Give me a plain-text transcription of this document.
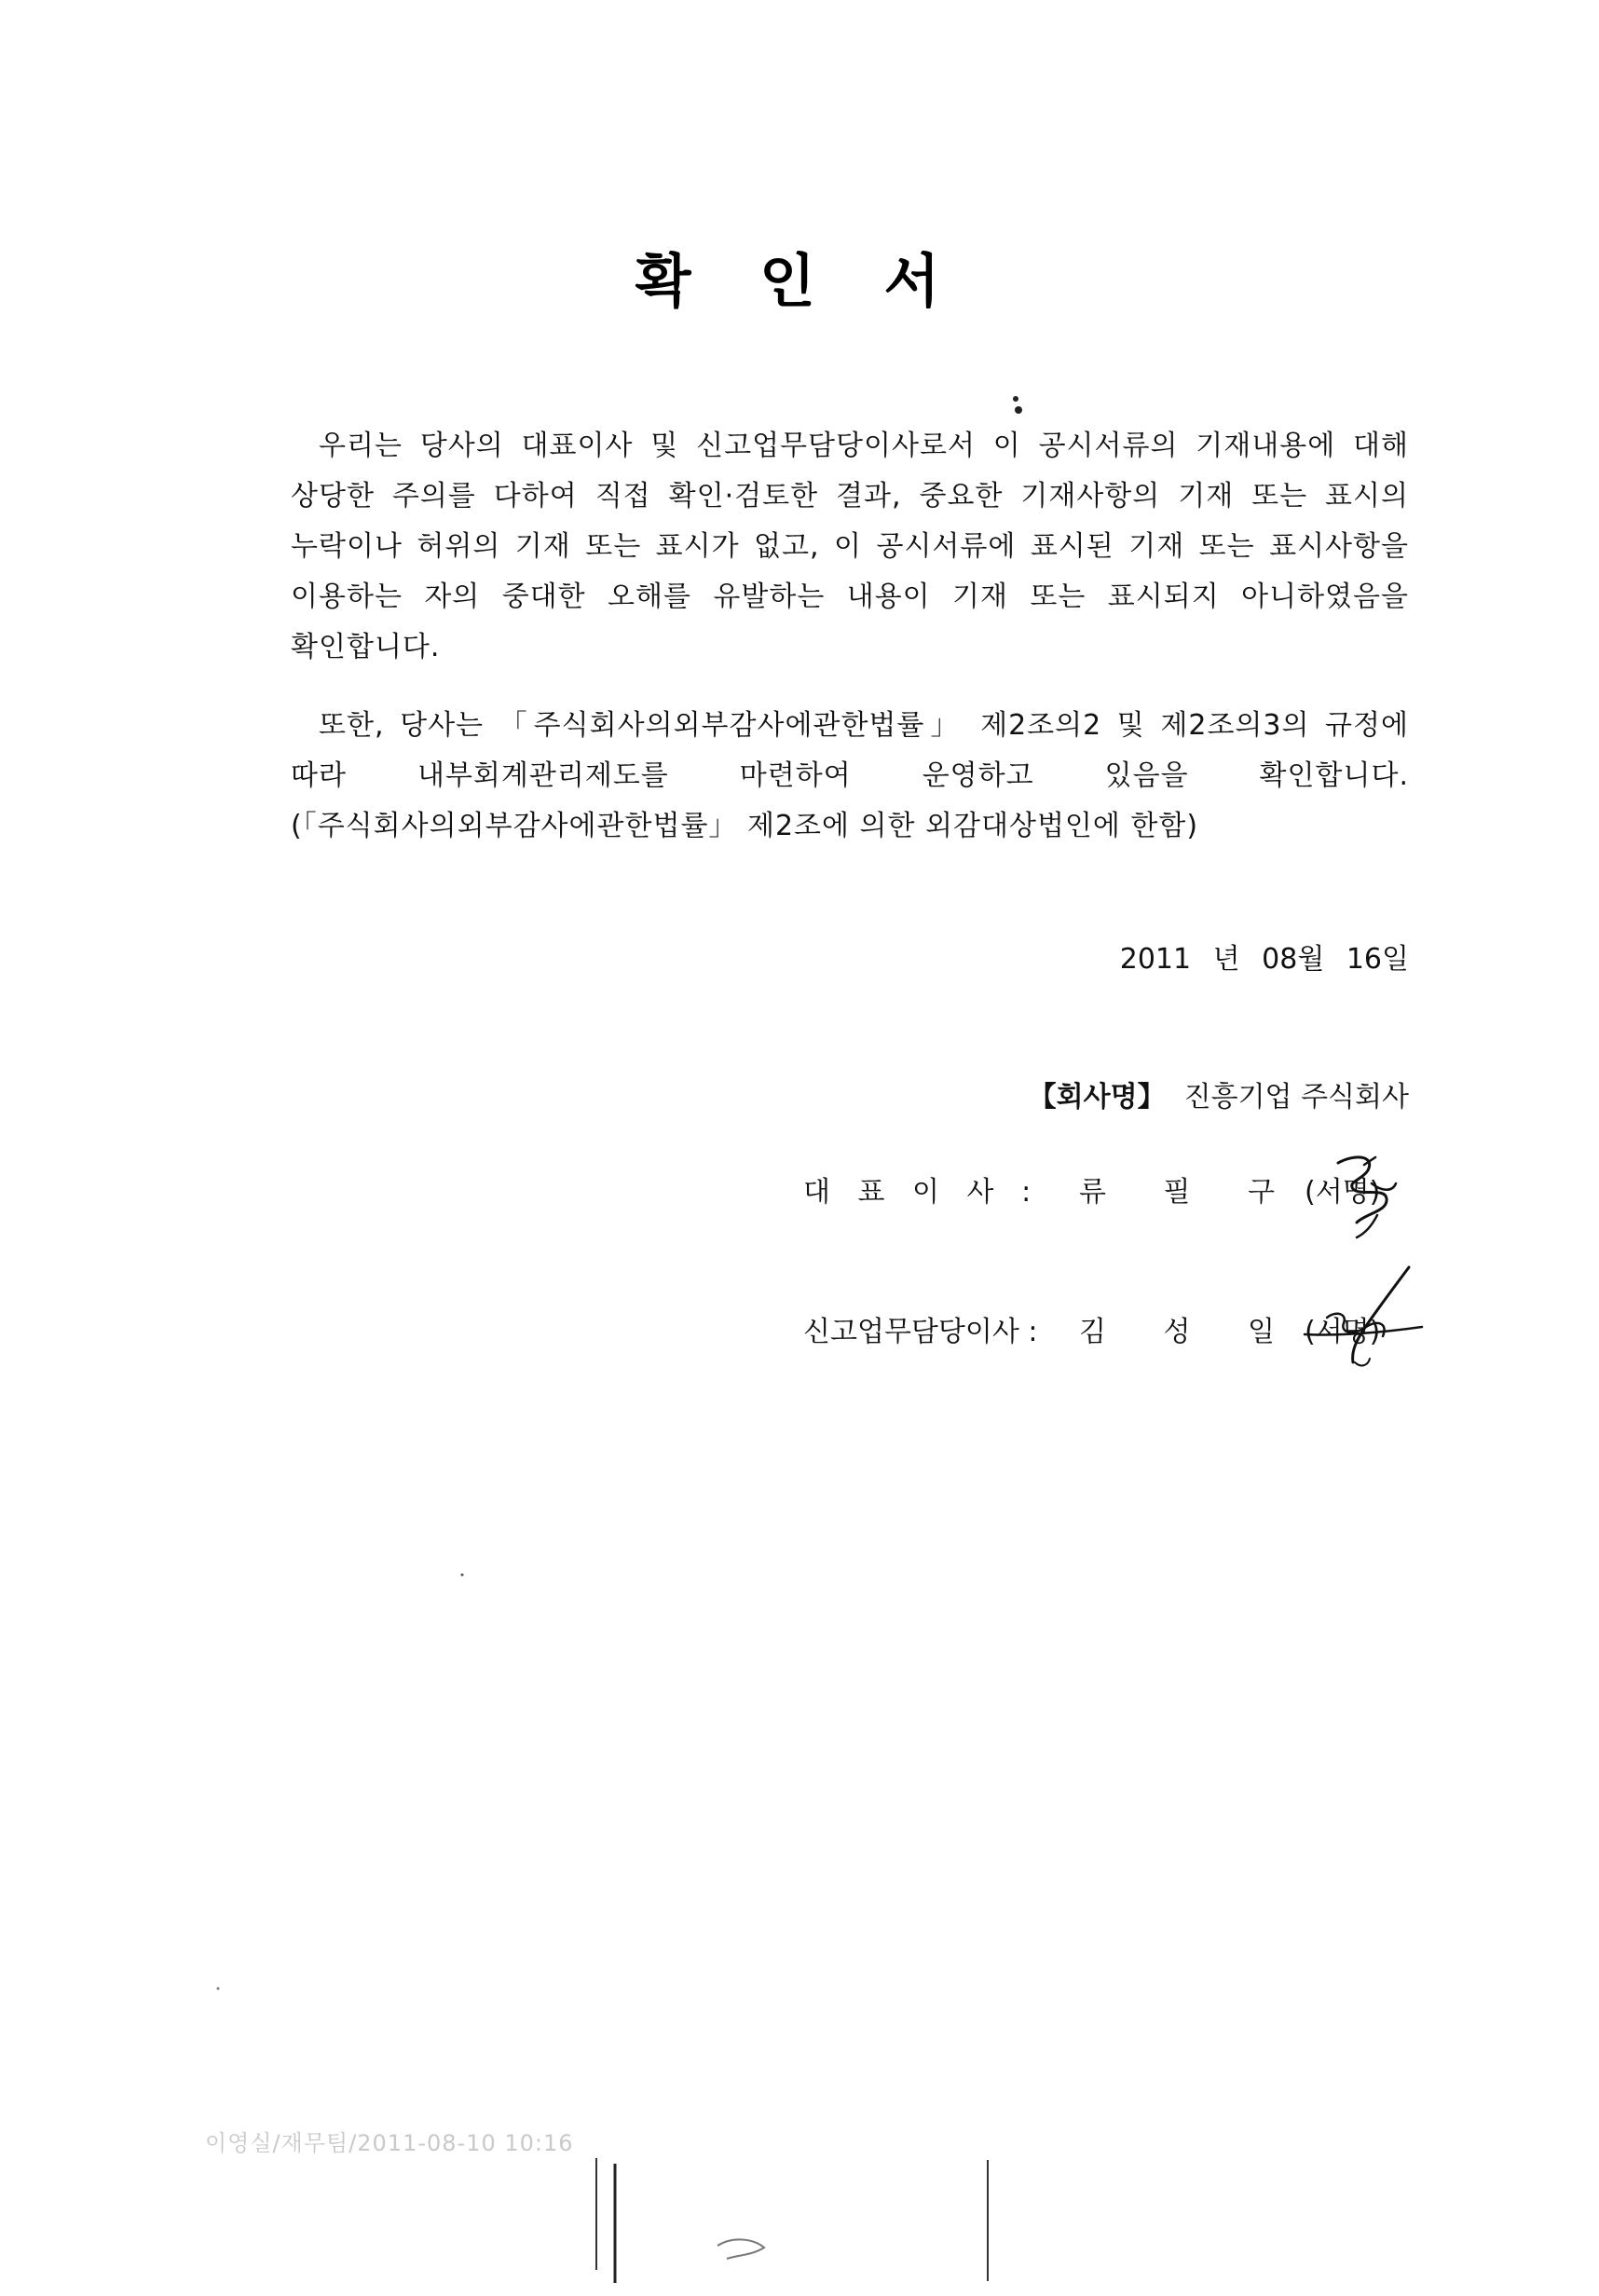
확 인 서

우리는 당사의 대표이사 및 신고업무담당이사로서 이 공시서류의 기재내용에 대해 상당한 주의를 다하여 직접 확인·검토한 결과, 중요한 기재사항의 기재 또는 표시의 누락이나 허위의 기재 또는 표시가 없고, 이 공시서류에 표시된 기재 또는 표시사항을 이용하는 자의 중대한 오해를 유발하는 내용이 기재 또는 표시되지 아니하였음을 확인합니다.

또한, 당사는 「주식회사의외부감사에관한법률」 제2조의2 및 제2조의3의 규정에 따라 내부회계관리제도를 마련하여 운영하고 있음을 확인합니다.(「주식회사의외부감사에관한법률」 제2조에 의한 외감대상법인에 한함)

2011 년 08월 16일
【회사명】 진흥기업 주식회사
대 표 이 사 : 류 필 구 (서명)
신고업무담당이사 : 김 성 일 (서명)
이영실/재무팀/2011-08-10 10:16
